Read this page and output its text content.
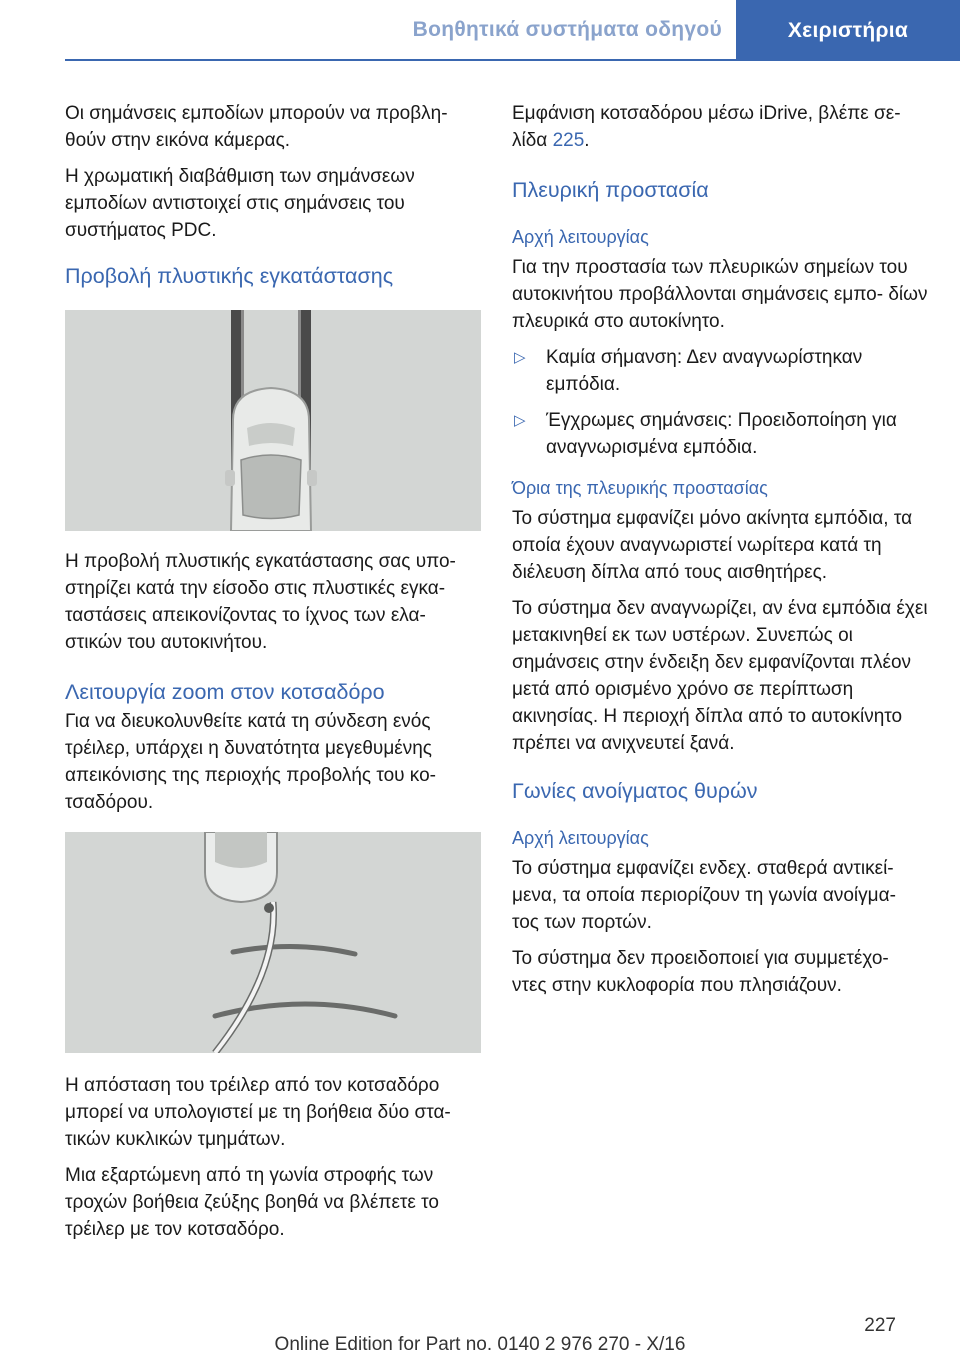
Βοηθητικά συστήματα οδηγού	Χειριστήρια

Οι σημάνσεις εμποδίων μπορούν να προβλη‐ θούν στην εικόνα κάμερας.

Η χρωματική διαβάθμιση των σημάνσεων εμποδίων αντιστοιχεί στις σημάνσεις του συστήματος PDC.

Προβολή πλυστικής εγκατάστασης

Η προβολή πλυστικής εγκατάστασης σας υπο‐ στηρίζει κατά την είσοδο στις πλυστικές εγκα‐ ταστάσεις απεικονίζοντας το ίχνος των ελα‐ στικών του αυτοκινήτου.

Λειτουργία zoom στον κοτσαδόρο

Για να διευκολυνθείτε κατά τη σύνδεση ενός τρέιλερ, υπάρχει η δυνατότητα μεγεθυμένης απεικόνισης της περιοχής προβολής του κο‐ τσαδόρου.

Η απόσταση του τρέιλερ από τον κοτσαδόρο μπορεί να υπολογιστεί με τη βοήθεια δύο στα‐ τικών κυκλικών τμημάτων.

Μια εξαρτώμενη από τη γωνία στροφής των τροχών βοήθεια ζεύξης βοηθά να βλέπετε το τρέιλερ με τον κοτσαδόρο.

Εμφάνιση κοτσαδόρου μέσω iDrive, βλέπε σε‐ λίδα 225.

Πλευρική προστασία
Αρχή λειτουργίας

Για την προστασία των πλευρικών σημείων του αυτοκινήτου προβάλλονται σημάνσεις εμπο‐ δίων πλευρικά στο αυτοκίνητο.

▷ Καμία σήμανση: Δεν αναγνωρίστηκαν εμπόδια.
▷ Έγχρωμες σημάνσεις: Προειδοποίηση για αναγνωρισμένα εμπόδια.
Όρια της πλευρικής προστασίας

Το σύστημα εμφανίζει μόνο ακίνητα εμπόδια, τα οποία έχουν αναγνωριστεί νωρίτερα κατά τη διέλευση δίπλα από τους αισθητήρες.

Το σύστημα δεν αναγνωρίζει, αν ένα εμπόδια έχει μετακινηθεί εκ των υστέρων. Συνεπώς οι σημάνσεις στην ένδειξη δεν εμφανίζονται πλέον μετά από ορισμένο χρόνο σε περίπτωση ακινησίας. Η περιοχή δίπλα από το αυτοκίνητο πρέπει να ανιχνευτεί ξανά.

Γωνίες ανοίγματος θυρών
Αρχή λειτουργίας

Το σύστημα εμφανίζει ενδεχ. σταθερά αντικεί‐ μενα, τα οποία περιορίζουν τη γωνία ανοίγμα‐ τος των πορτών.

Το σύστημα δεν προειδοποιεί για συμμετέχο‐ ντες στην κυκλοφορία που πλησιάζουν.

227
Online Edition for Part no. 0140 2 976 270 - X/16
